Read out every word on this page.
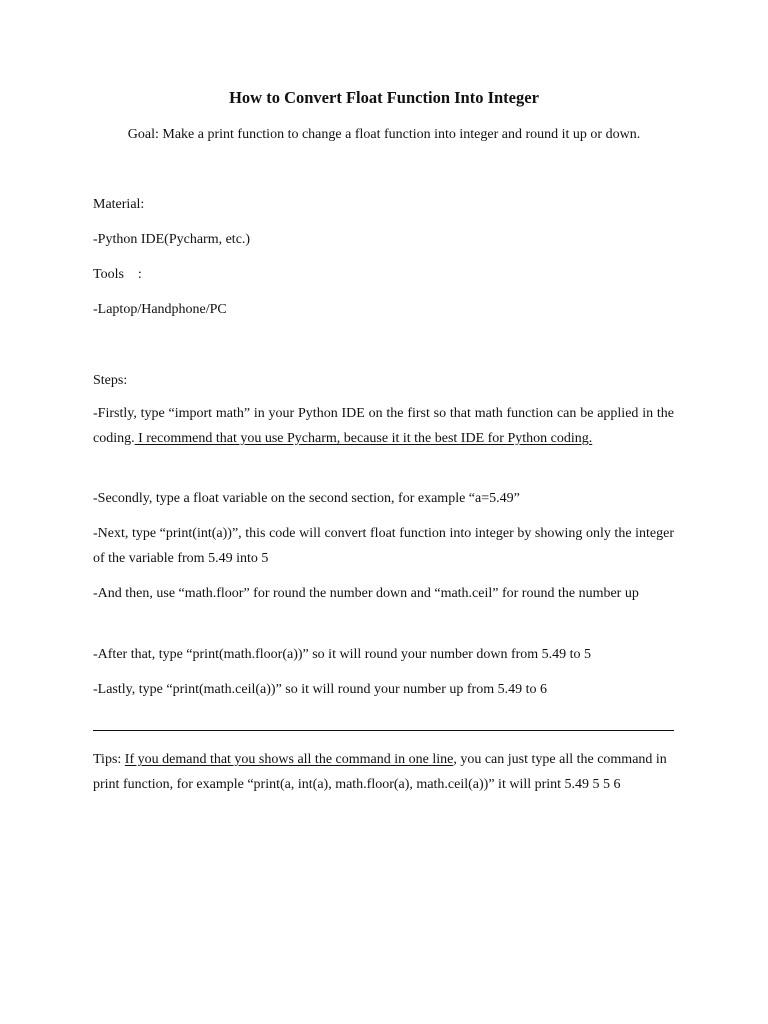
How to Convert Float Function Into Integer
Goal: Make a print function to change a float function into integer and round it up or down.

Material:

-Python IDE(Pycharm, etc.)

Tools :

-Laptop/Handphone/PC

Steps:

-Firstly, type “import math” in your Python IDE on the first so that math function can be applied in the coding. I recommend that you use Pycharm, because it it the best IDE for Python coding.

-Secondly, type a float variable on the second section, for example “a=5.49”

-Next, type “print(int(a))”, this code will convert float function into integer by showing only the integer of the variable from 5.49 into 5

-And then, use “math.floor” for round the number down and “math.ceil” for round the number up

-After that, type “print(math.floor(a))” so it will round your number down from 5.49 to 5

-Lastly, type “print(math.ceil(a))” so it will round your number up from 5.49 to 6

Tips: If you demand that you shows all the command in one line, you can just type all the command in print function, for example “print(a, int(a), math.floor(a), math.ceil(a))” it will print 5.49 5 5 6
